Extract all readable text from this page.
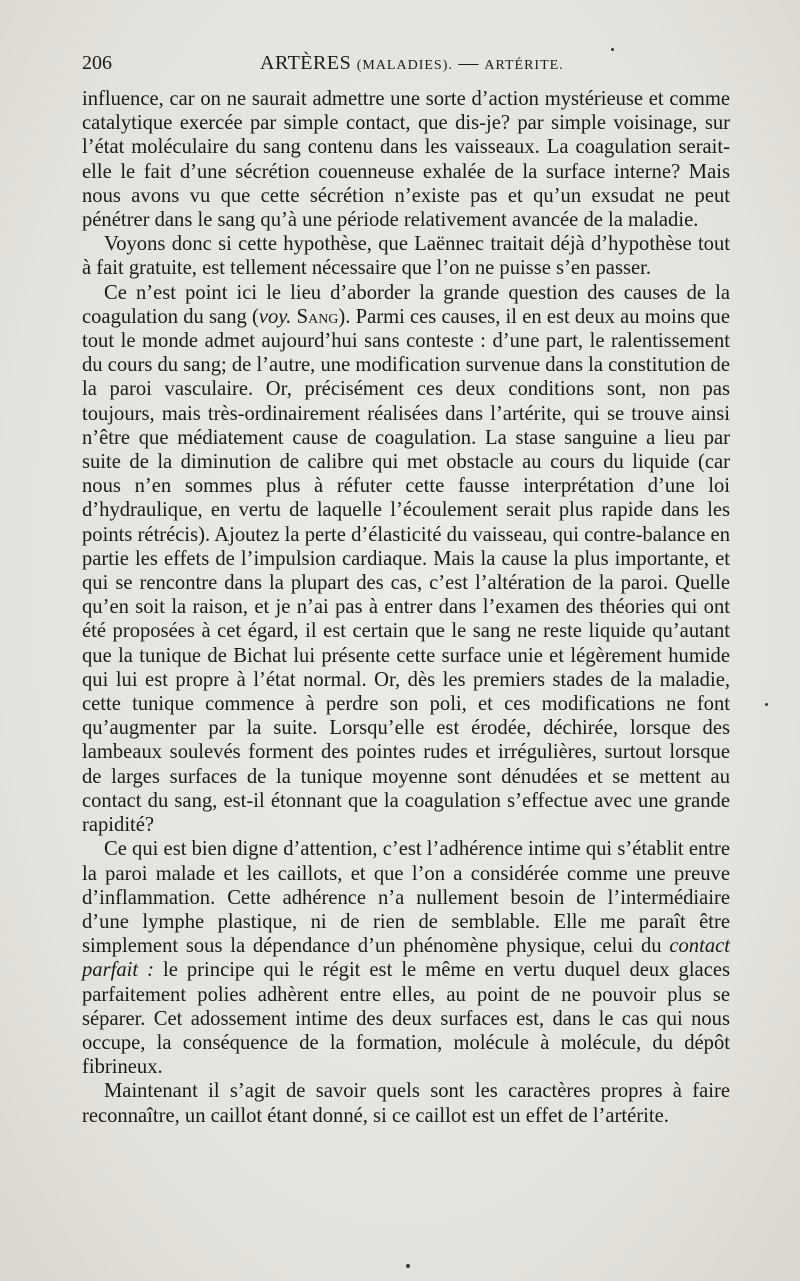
206	ARTÈRES (MALADIES). — ARTÉRITE.

influence, car on ne saurait admettre une sorte d’action mystérieuse et comme catalytique exercée par simple contact, que dis-je? par simple voisinage, sur l’état moléculaire du sang contenu dans les vaisseaux. La coagulation serait-elle le fait d’une sécrétion couenneuse exhalée de la surface interne? Mais nous avons vu que cette sécrétion n’existe pas et qu’un exsudat ne peut pénétrer dans le sang qu’à une période relativement avancée de la maladie.

Voyons donc si cette hypothèse, que Laënnec traitait déjà d’hypothèse tout à fait gratuite, est tellement nécessaire que l’on ne puisse s’en passer.

Ce n’est point ici le lieu d’aborder la grande question des causes de la coagulation du sang (voy. Sang). Parmi ces causes, il en est deux au moins que tout le monde admet aujourd’hui sans conteste : d’une part, le ralentissement du cours du sang; de l’autre, une modification survenue dans la constitution de la paroi vasculaire. Or, précisément ces deux conditions sont, non pas toujours, mais très-ordinairement réalisées dans l’artérite, qui se trouve ainsi n’être que médiatement cause de coagulation. La stase sanguine a lieu par suite de la diminution de calibre qui met obstacle au cours du liquide (car nous n’en sommes plus à réfuter cette fausse interprétation d’une loi d’hydraulique, en vertu de laquelle l’écoulement serait plus rapide dans les points rétrécis). Ajoutez la perte d’élasticité du vaisseau, qui contre-balance en partie les effets de l’impulsion cardiaque. Mais la cause la plus importante, et qui se rencontre dans la plupart des cas, c’est l’altération de la paroi. Quelle qu’en soit la raison, et je n’ai pas à entrer dans l’examen des théories qui ont été proposées à cet égard, il est certain que le sang ne reste liquide qu’autant que la tunique de Bichat lui présente cette surface unie et légèrement humide qui lui est propre à l’état normal. Or, dès les premiers stades de la maladie, cette tunique commence à perdre son poli, et ces modifications ne font qu’augmenter par la suite. Lorsqu’elle est érodée, déchirée, lorsque des lambeaux soulevés forment des pointes rudes et irrégulières, surtout lorsque de larges surfaces de la tunique moyenne sont dénudées et se mettent au contact du sang, est-il étonnant que la coagulation s’effectue avec une grande rapidité?

Ce qui est bien digne d’attention, c’est l’adhérence intime qui s’établit entre la paroi malade et les caillots, et que l’on a considérée comme une preuve d’inflammation. Cette adhérence n’a nullement besoin de l’intermédiaire d’une lymphe plastique, ni de rien de semblable. Elle me paraît être simplement sous la dépendance d’un phénomène physique, celui du contact parfait : le principe qui le régit est le même en vertu duquel deux glaces parfaitement polies adhèrent entre elles, au point de ne pouvoir plus se séparer. Cet adossement intime des deux surfaces est, dans le cas qui nous occupe, la conséquence de la formation, molécule à molécule, du dépôt fibrineux.

Maintenant il s’agit de savoir quels sont les caractères propres à faire reconnaître, un caillot étant donné, si ce caillot est un effet de l’artérite.
